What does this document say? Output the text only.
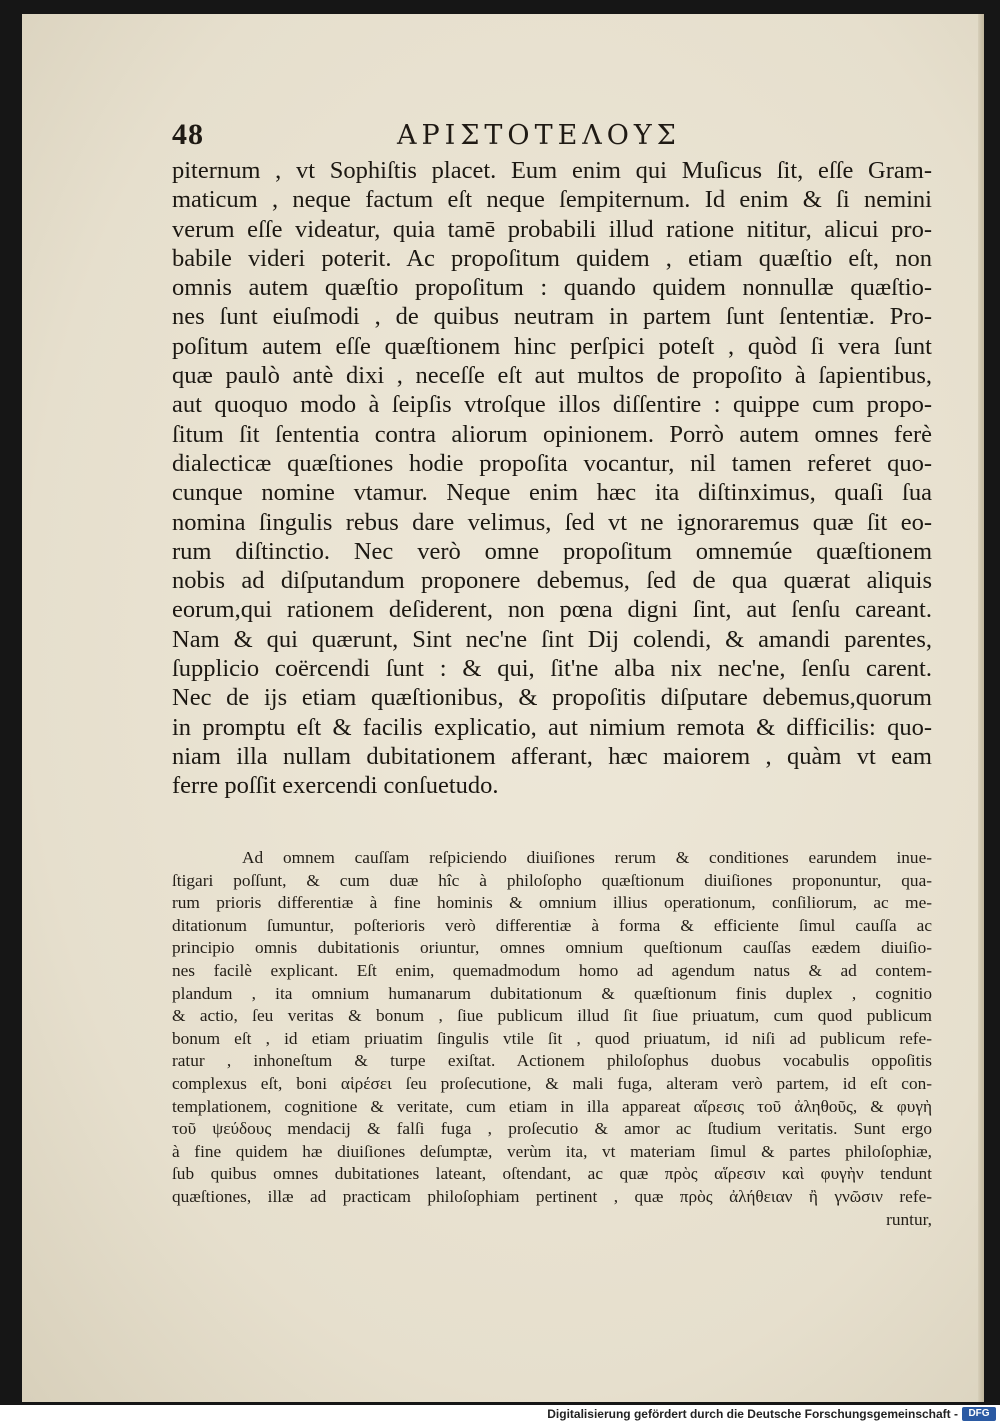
48	ΑΡΙΣΤΟΤΕΛΟΥΣ
piternum , vt Sophiſtis placet. Eum enim qui Muſicus ſit, eſſe Gram-
maticum , neque factum eſt neque ſempiternum. Id enim & ſi nemini
verum eſſe videatur, quia tamē probabili illud ratione nititur, alicui pro-
babile videri poterit. Ac propoſitum quidem , etiam quæſtio eſt, non
omnis autem quæſtio propoſitum : quando quidem nonnullæ quæſtio-
nes ſunt eiuſmodi , de quibus neutram in partem ſunt ſententiæ. Pro-
poſitum autem eſſe quæſtionem hinc perſpici poteſt , quòd ſi vera ſunt
quæ paulò antè dixi , neceſſe eſt aut multos de propoſito à ſapientibus,
aut quoquo modo à ſeipſis vtroſque illos diſſentire : quippe cum propo-
ſitum ſit ſententia contra aliorum opinionem. Porrò autem omnes ferè
dialecticæ quæſtiones hodie propoſita vocantur, nil tamen referet quo-
cunque nomine vtamur. Neque enim hæc ita diſtinximus, quaſi ſua
nomina ſingulis rebus dare velimus, ſed vt ne ignoraremus quæ ſit eo-
rum diſtinctio. Nec verò omne propoſitum omnemúe quæſtionem
nobis ad diſputandum proponere debemus, ſed de qua quærat aliquis
eorum,qui rationem deſiderent, non pœna digni ſint, aut ſenſu careant.
Nam & qui quærunt, Sint nec'ne ſint Dij colendi, & amandi parentes,
ſupplicio coërcendi ſunt : & qui, ſit'ne alba nix nec'ne, ſenſu carent.
Nec de ijs etiam quæſtionibus, & propoſitis diſputare debemus,quorum
in promptu eſt & facilis explicatio, aut nimium remota & difficilis: quo-
niam illa nullam dubitationem afferant, hæc maiorem , quàm vt eam
ferre poſſit exercendi conſuetudo.
Ad omnem cauſſam reſpiciendo diuiſiones rerum & conditiones earundem inue-
ſtigari poſſunt, & cum duæ hîc à philoſopho quæſtionum diuiſiones proponuntur, qua-
rum prioris differentiæ à fine hominis & omnium illius operationum, conſiliorum, ac me-
ditationum ſumuntur, poſterioris verò differentiæ à forma & efficiente ſimul cauſſa ac
principio omnis dubitationis oriuntur, omnes omnium queſtionum cauſſas eædem diuiſio-
nes facilè explicant. Eſt enim, quemadmodum homo ad agendum natus & ad contem-
plandum , ita omnium humanarum dubitationum & quæſtionum finis duplex , cognitio
& actio, ſeu veritas & bonum , ſiue publicum illud ſit ſiue priuatum, cum quod publicum
bonum eſt , id etiam priuatim ſingulis vtile ſit , quod priuatum, id niſi ad publicum refe-
ratur , inhoneſtum & turpe exiſtat. Actionem philoſophus duobus vocabulis oppoſitis
complexus eſt, boni αἱρέσει ſeu proſecutione, & mali fuga, alteram verò partem, id eſt con-
templationem, cognitione & veritate, cum etiam in illa appareat αἵρεσις τοῦ ἀληθοῦς, & φυγὴ
τοῦ ψεύδους mendacij & falſi fuga , proſecutio & amor ac ſtudium veritatis. Sunt ergo
à fine quidem hæ diuiſiones deſumptæ, verùm ita, vt materiam ſimul & partes philoſophiæ,
ſub quibus omnes dubitationes lateant, oſtendant, ac quæ πρὸς αἵρεσιν καὶ φυγὴν tendunt
quæſtiones, illæ ad practicam philoſophiam pertinent , quæ πρὸς ἀλήθειαν ἢ γνῶσιν refe-
runtur,
Digitalisierung gefördert durch die Deutsche Forschungsgemeinschaft -	DFG
